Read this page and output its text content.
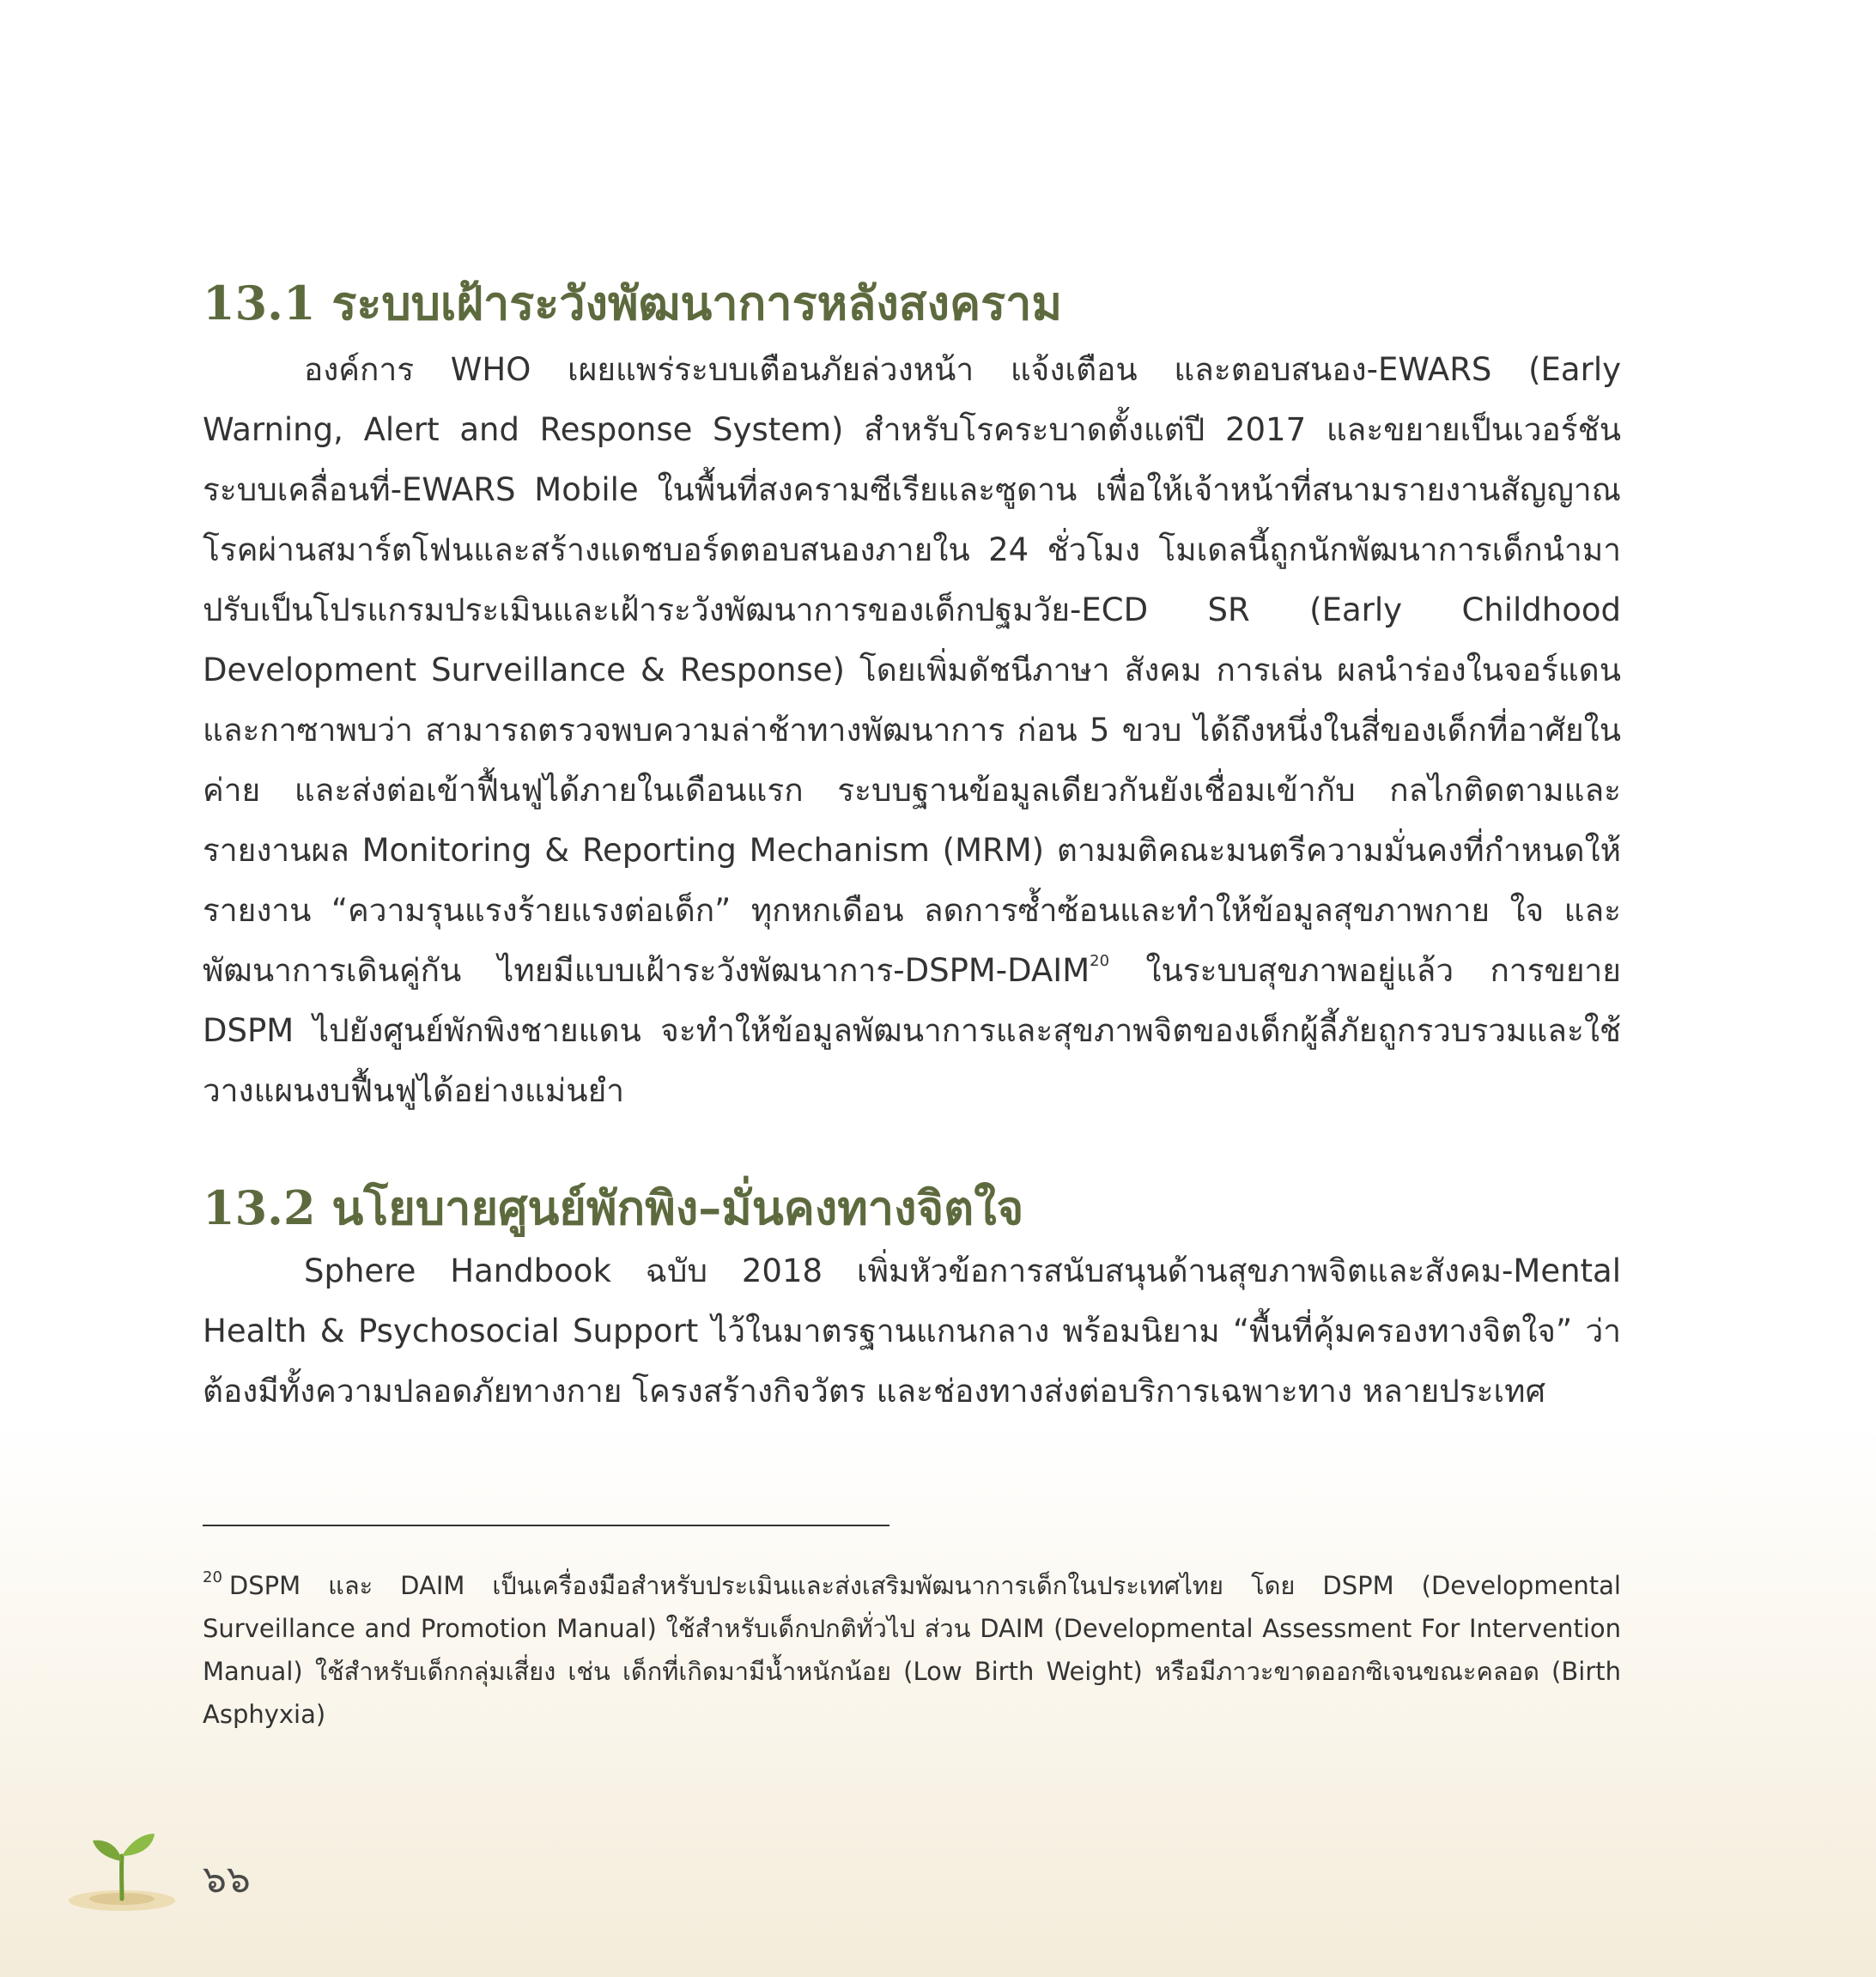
13.1 ระบบเฝ้าระวังพัฒนาการหลังสงคราม

องค์การ WHO เผยแพร่ระบบเตือนภัยล่วงหน้า แจ้งเตือน และตอบสนอง-EWARS (Early Warning, Alert and Response System) สำหรับโรคระบาดตั้งแต่ปี 2017 และขยายเป็นเวอร์ชันระบบเคลื่อนที่-EWARS Mobile ในพื้นที่สงครามซีเรียและซูดาน เพื่อให้เจ้าหน้าที่สนามรายงานสัญญาณโรคผ่านสมาร์ตโฟนและสร้างแดชบอร์ดตอบสนองภายใน 24 ชั่วโมง โมเดลนี้ถูกนักพัฒนาการเด็กนำมาปรับเป็นโปรแกรมประเมินและเฝ้าระวังพัฒนาการของเด็กปฐมวัย-ECD SR (Early Childhood Development Surveillance & Response) โดยเพิ่มดัชนีภาษา สังคม การเล่น ผลนำร่องในจอร์แดนและกาซาพบว่า สามารถตรวจพบความล่าช้าทางพัฒนาการ ก่อน 5 ขวบ ได้ถึงหนึ่งในสี่ของเด็กที่อาศัยในค่าย และส่งต่อเข้าฟื้นฟูได้ภายในเดือนแรก ระบบฐานข้อมูลเดียวกันยังเชื่อมเข้ากับ กลไกติดตามและรายงานผล Monitoring & Reporting Mechanism (MRM) ตามมติคณะมนตรีความมั่นคงที่กำหนดให้รายงาน “ความรุนแรงร้ายแรงต่อเด็ก” ทุกหกเดือน ลดการซ้ำซ้อนและทำให้ข้อมูลสุขภาพกาย ใจ และพัฒนาการเดินคู่กัน ไทยมีแบบเฝ้าระวังพัฒนาการ-DSPM-DAIM$^{20}$ ในระบบสุขภาพอยู่แล้ว การขยาย DSPM ไปยังศูนย์พักพิงชายแดน จะทำให้ข้อมูลพัฒนาการและสุขภาพจิตของเด็กผู้ลี้ภัยถูกรวบรวมและใช้วางแผนงบฟื้นฟูได้อย่างแม่นยำ

13.2 นโยบายศูนย์พักพิง–มั่นคงทางจิตใจ

Sphere Handbook ฉบับ 2018 เพิ่มหัวข้อการสนับสนุนด้านสุขภาพจิตและสังคม-Mental Health & Psychosocial Support ไว้ในมาตรฐานแกนกลาง พร้อมนิยาม “พื้นที่คุ้มครองทางจิตใจ” ว่าต้องมีทั้งความปลอดภัยทางกาย โครงสร้างกิจวัตร และช่องทางส่งต่อบริการเฉพาะทาง หลายประเทศ

$^{20}$ DSPM และ DAIM เป็นเครื่องมือสำหรับประเมินและส่งเสริมพัฒนาการเด็กในประเทศไทย โดย DSPM (Developmental Surveillance and Promotion Manual) ใช้สำหรับเด็กปกติทั่วไป ส่วน DAIM (Developmental Assessment For Intervention Manual) ใช้สำหรับเด็กกลุ่มเสี่ยง เช่น เด็กที่เกิดมามีน้ำหนักน้อย (Low Birth Weight) หรือมีภาวะขาดออกซิเจนขณะคลอด (Birth Asphyxia)

๖๖
